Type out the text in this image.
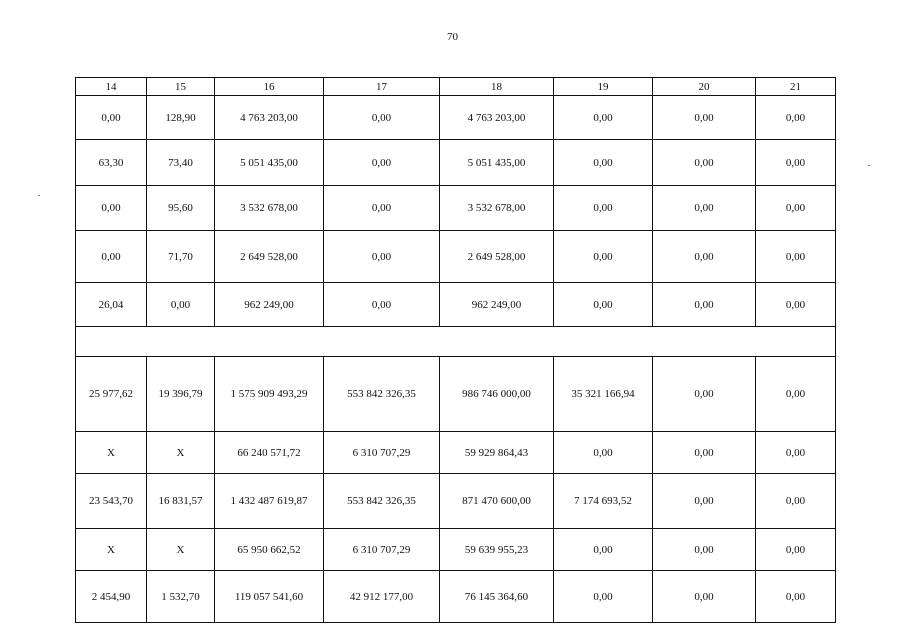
70
14	15	16	17	18	19	20	21
0,00	128,90	4 763 203,00	0,00	4 763 203,00	0,00	0,00	0,00
63,30	73,40	5 051 435,00	0,00	5 051 435,00	0,00	0,00	0,00
0,00	95,60	3 532 678,00	0,00	3 532 678,00	0,00	0,00	0,00
0,00	71,70	2 649 528,00	0,00	2 649 528,00	0,00	0,00	0,00
26,04	0,00	962 249,00	0,00	962 249,00	0,00	0,00	0,00

25 977,62	19 396,79	1 575 909 493,29	553 842 326,35	986 746 000,00	35 321 166,94	0,00	0,00
X	X	66 240 571,72	6 310 707,29	59 929 864,43	0,00	0,00	0,00
23 543,70	16 831,57	1 432 487 619,87	553 842 326,35	871 470 600,00	7 174 693,52	0,00	0,00
X	X	65 950 662,52	6 310 707,29	59 639 955,23	0,00	0,00	0,00
2 454,90	1 532,70	119 057 541,60	42 912 177,00	76 145 364,60	0,00	0,00	0,00
